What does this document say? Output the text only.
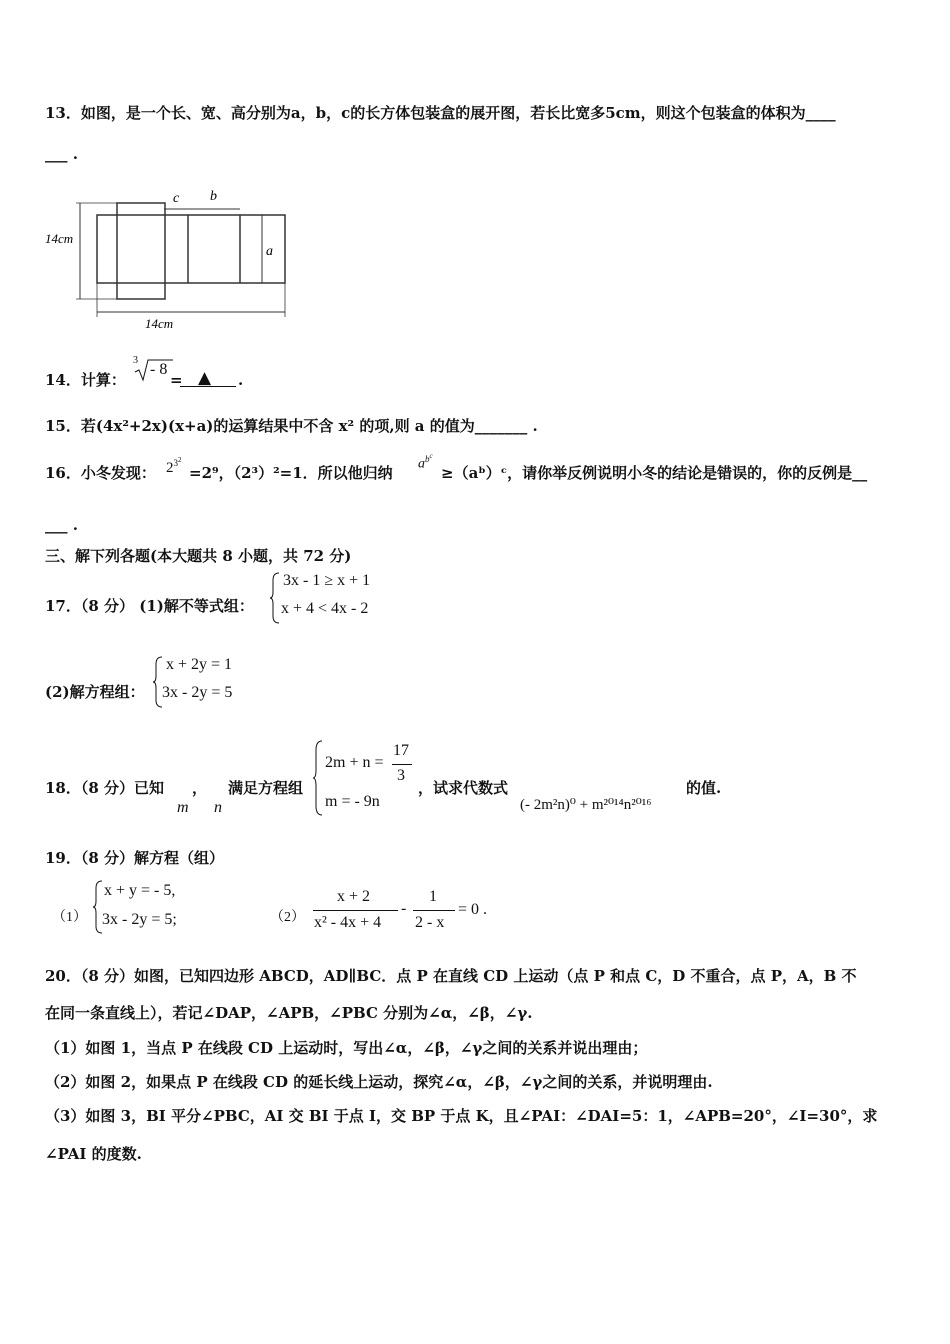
13．如图，是一个长、宽、高分别为a，b，c的长方体包装盒的展开图，若长比宽多5cm，则这个包装盒的体积为____
___ .
14cm
14cm
c b
a
14．计算：
3
- 8
= ▲ .
15．若(4x²+2x)(x+a)的运算结果中不含 x² 的项,则 a 的值为_______ .
16．小冬发现： $2^{3^2}$
=2⁹，（2³）²=1．所以他归纳 $a^{b^c}$
≥（aᵇ）ᶜ，请你举反例说明小冬的结论是错误的，你的反例是__
___ .
三、解下列各题(本大题共 8 小题，共 72 分)
17．（8 分） (1)解不等式组：
3x - 1 ≥ x + 1
x + 4 < 4x - 2
(2)解方程组：
x + 2y = 1
3x - 2y = 5
18．（8 分）已知 ，
m n
满足方程组
2m + n =
17
3
m = - 9n
，试求代数式
(- 2m²n)⁰ + m²⁰¹⁴n²⁰¹⁶
的值.
19．（8 分）解方程（组）
（1）
x + y = - 5,
3x - 2y = 5;	（2）
x + 2
x² - 4x + 4
-
1
2 - x
= 0 .
20．（8 分）如图，已知四边形 ABCD，AD∥BC．点 P 在直线 CD 上运动（点 P 和点 C，D 不重合，点 P，A，B 不
在同一条直线上），若记∠DAP，∠APB，∠PBC 分别为∠α，∠β，∠γ.
（1）如图 1，当点 P 在线段 CD 上运动时，写出∠α，∠β，∠γ之间的关系并说出理由；
（2）如图 2，如果点 P 在线段 CD 的延长线上运动，探究∠α，∠β，∠γ之间的关系，并说明理由.
（3）如图 3，BI 平分∠PBC，AI 交 BI 于点 I，交 BP 于点 K，且∠PAI：∠DAI=5：1，∠APB=20°，∠I=30°，求
∠PAI 的度数.
